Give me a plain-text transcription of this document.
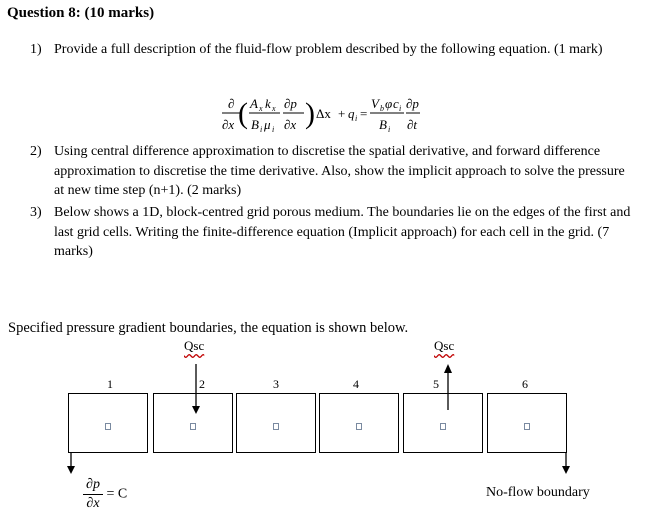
Question 8: (10 marks)
1) Provide a full description of the fluid-flow problem described by the following equation. (1 mark)
∂
∂x ( A x k x
B i μ i
∂p
∂x ) Δx + q i =
V b φ c i
B i
∂p
∂t
2) Using central difference approximation to discretise the spatial derivative, and forward difference approximation to discretise the time derivative. Also, show the implicit approach to solve the pressure at new time step (n+1). (2 marks)
3) Below shows a 1D, block-centred grid porous medium. The boundaries lie on the edges of the first and last grid cells. Writing the finite-difference equation (Implicit approach) for each cell in the grid. (7 marks)
Specified pressure gradient boundaries, the equation is shown below.
Qsc	Qsc
1	2	3	4	5	6
$\frac{\partial p}{\partial x} = C$	No-flow boundary
